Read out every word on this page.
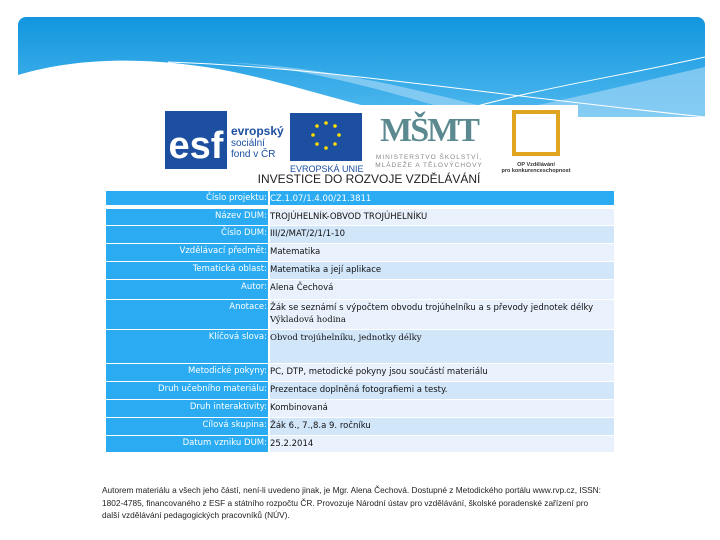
esf evropský
sociální
fond v ČR
EVROPSKÁ UNIE
MŠMT
MINISTERSTVO ŠKOLSTVÍ,
MLÁDEŽE A TĚLOVÝCHOVY	OP Vzdělávání
pro konkurenceschopnost
INVESTICE DO ROZVOJE VZDĚLÁVÁNÍ
Číslo projektu: CZ.1.07/1.4.00/21.3811
Název DUM: TROJÚHELNÍK-OBVOD TROJÚHELNÍKU
Číslo DUM: III/2/MAT/2/1/1-10
Vzdělávací předmět: Matematika
Tematická oblast: Matematika a její aplikace
Autor: Alena Čechová
Anotace: Žák se seznámí s výpočtem obvodu trojúhelníku a s převody jednotek délky
Výkladová hodina
Klíčová slova: Obvod trojúhelníku, jednotky délky
Metodické pokyny: PC, DTP, metodické pokyny jsou součástí materiálu
Druh učebního materiálu: Prezentace doplněná fotografiemi a testy.
Druh interaktivity: Kombinovaná
Cílová skupina: Žák 6., 7.,8.a 9. ročníku
Datum vzniku DUM: 25.2.2014
Autorem materiálu a všech jeho částí, není-li uvedeno jinak, je Mgr. Alena Čechová. Dostupné z Metodického portálu www.rvp.cz, ISSN: 1802-4785, financovaného z ESF a státního rozpočtu ČR. Provozuje Národní ústav pro vzdělávání, školské poradenské zařízení pro další vzdělávání pedagogických pracovníků (NÚV).
